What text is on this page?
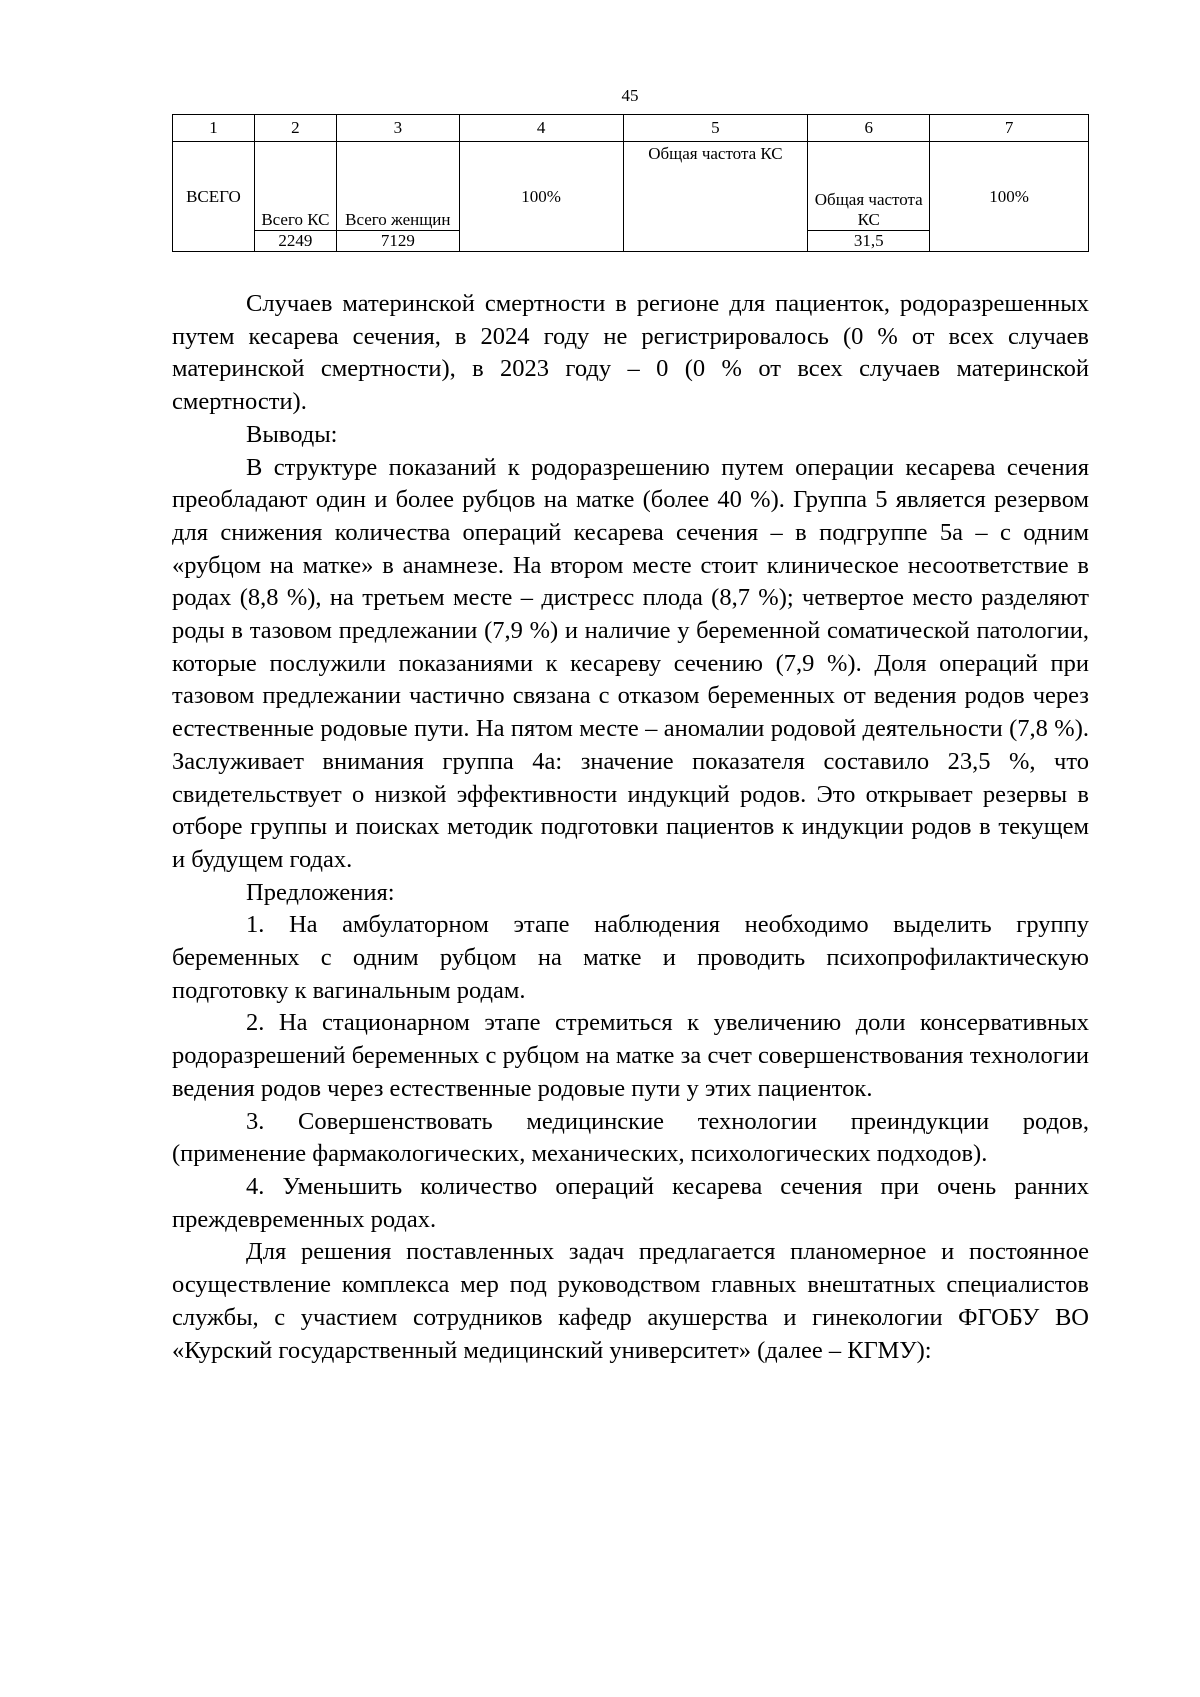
45
1	2	3	4	5	6	7
ВСЕГО	Всего КС	Всего женщин	100%	Общая частота КС	Общая частота КС	100%
	2249	7129			31,5	

Случаев материнской смертности в регионе для пациенток, родоразрешенных путем кесарева сечения, в 2024 году не регистрировалось (0 % от всех случаев материнской смертности), в 2023 году – 0 (0 % от всех случаев материнской смертности).

Выводы:

В структуре показаний к родоразрешению путем операции кесарева сечения преобладают один и более рубцов на матке (более 40 %). Группа 5 является резервом для снижения количества операций кесарева сечения – в подгруппе 5а – с одним «рубцом на матке» в анамнезе. На втором месте стоит клиническое несоответствие в родах (8,8 %), на третьем месте – дистресс плода (8,7 %); четвертое место разделяют роды в тазовом предлежании (7,9 %) и наличие у беременной соматической патологии, которые послужили показаниями к кесареву сечению (7,9 %). Доля операций при тазовом предлежании частично связана с отказом беременных от ведения родов через естественные родовые пути. На пятом месте – аномалии родовой деятельности (7,8 %). Заслуживает внимания группа 4а: значение показателя составило 23,5 %, что свидетельствует о низкой эффективности индукций родов. Это открывает резервы в отборе группы и поисках методик подготовки пациентов к индукции родов в текущем и будущем годах.

Предложения:

1. На амбулаторном этапе наблюдения необходимо выделить группу беременных с одним рубцом на матке и проводить психопрофилактическую подготовку к вагинальным родам.

2. На стационарном этапе стремиться к увеличению доли консервативных родоразрешений беременных с рубцом на матке за счет совершенствования технологии ведения родов через естественные родовые пути у этих пациенток.

3. Совершенствовать медицинские технологии преиндукции родов, (применение фармакологических, механических, психологических подходов).

4. Уменьшить количество операций кесарева сечения при очень ранних преждевременных родах.

Для решения поставленных задач предлагается планомерное и постоянное осуществление комплекса мер под руководством главных внештатных специалистов службы, с участием сотрудников кафедр акушерства и гинекологии ФГОБУ ВО «Курский государственный медицинский университет» (далее – КГМУ):
